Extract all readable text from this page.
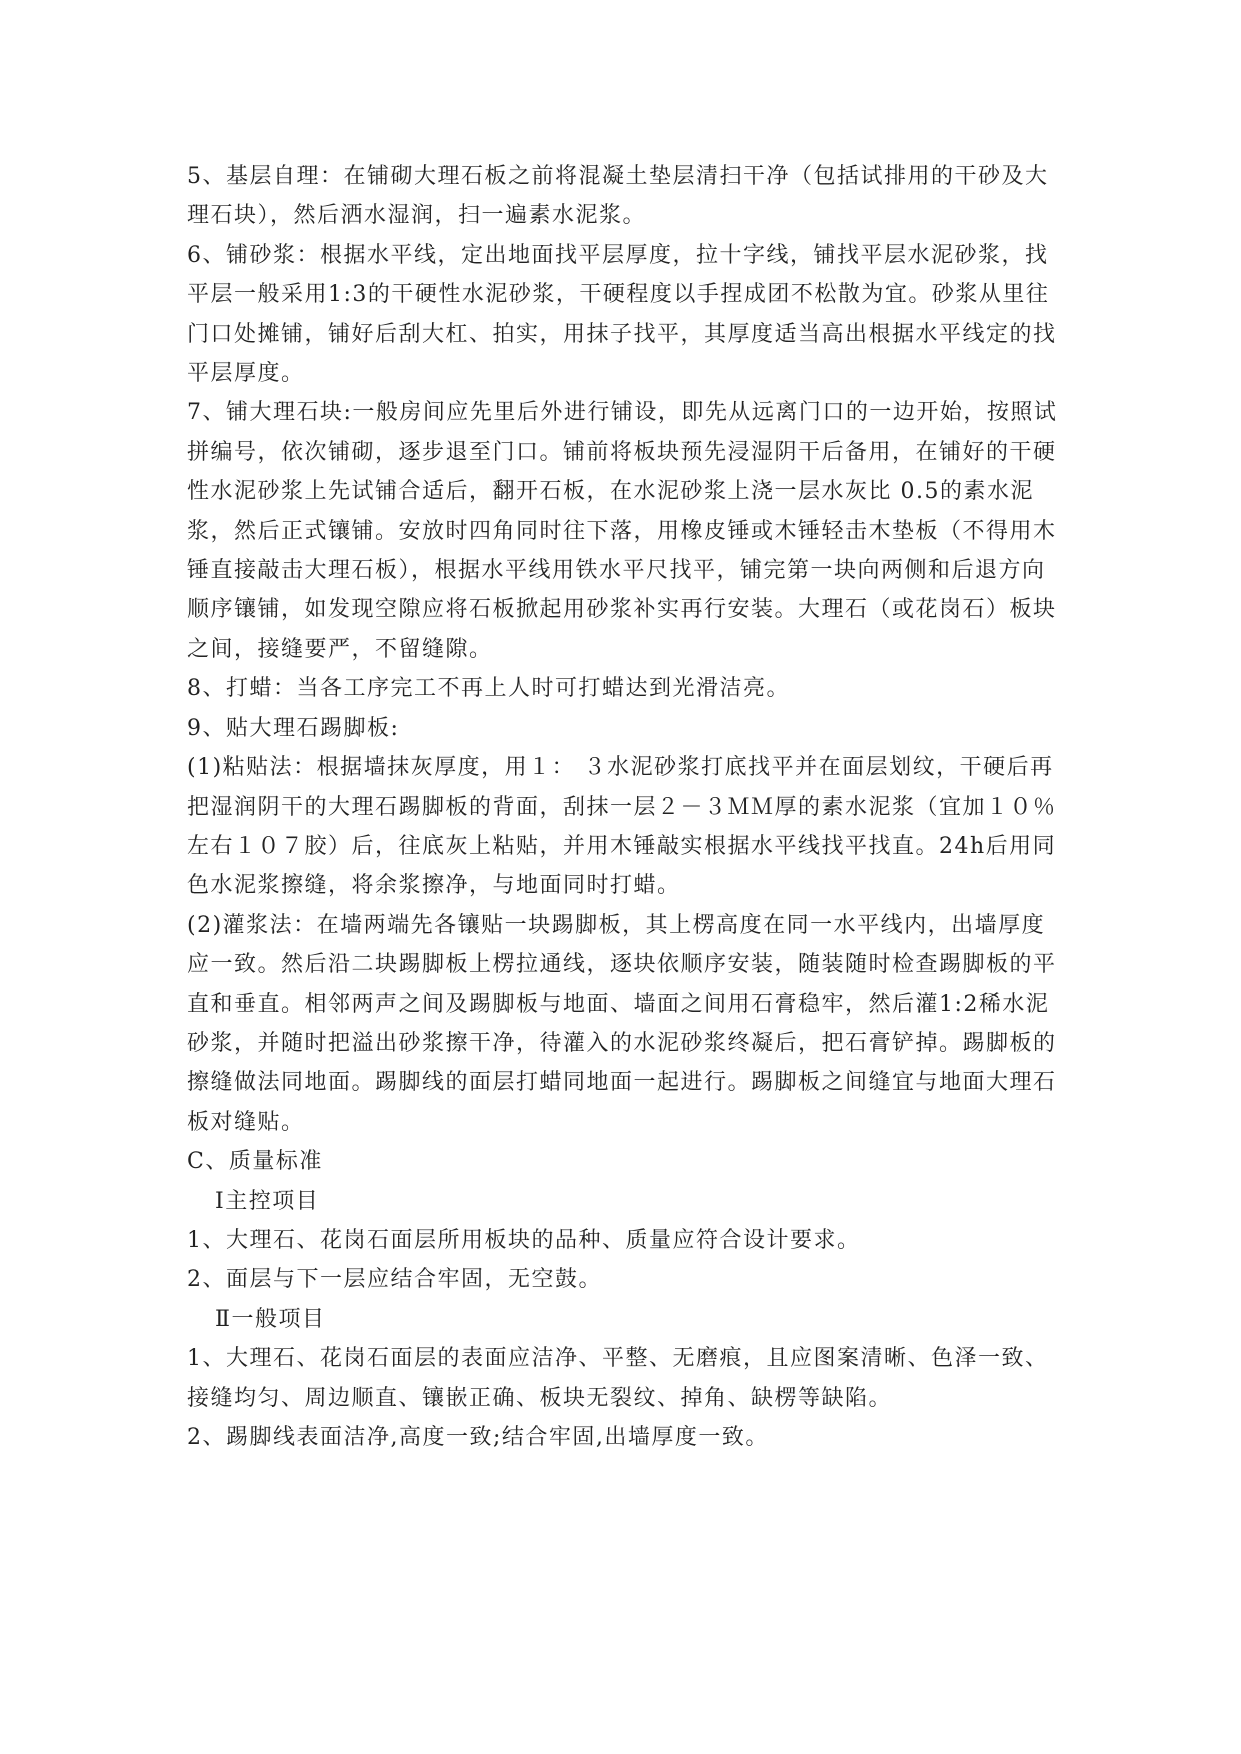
5、基层自理：在铺砌大理石板之前将混凝土垫层清扫干净（包括试排用的干砂及大理石块），然后洒水湿润，扫一遍素水泥浆。

6、铺砂浆：根据水平线，定出地面找平层厚度，拉十字线，铺找平层水泥砂浆，找平层一般采用1:3的干硬性水泥砂浆，干硬程度以手捏成团不松散为宜。砂浆从里往门口处摊铺，铺好后刮大杠、拍实，用抹子找平，其厚度适当高出根据水平线定的找平层厚度。

7、铺大理石块:一般房间应先里后外进行铺设，即先从远离门口的一边开始，按照试拼编号，依次铺砌，逐步退至门口。铺前将板块预先浸湿阴干后备用，在铺好的干硬性水泥砂浆上先试铺合适后，翻开石板，在水泥砂浆上浇一层水灰比 0.5的素水泥浆，然后正式镶铺。安放时四角同时往下落，用橡皮锤或木锤轻击木垫板（不得用木锤直接敲击大理石板），根据水平线用铁水平尺找平，铺完第一块向两侧和后退方向顺序镶铺，如发现空隙应将石板掀起用砂浆补实再行安装。大理石（或花岗石）板块之间，接缝要严，不留缝隙。

8、打蜡：当各工序完工不再上人时可打蜡达到光滑洁亮。

9、贴大理石踢脚板:

(1)粘贴法：根据墙抹灰厚度，用１： ３水泥砂浆打底找平并在面层划纹，干硬后再把湿润阴干的大理石踢脚板的背面，刮抹一层２－３ＭＭ厚的素水泥浆（宜加１０％左右１０７胶）后，往底灰上粘贴，并用木锤敲实根据水平线找平找直。24h后用同色水泥浆擦缝，将余浆擦净，与地面同时打蜡。

(2)灌浆法：在墙两端先各镶贴一块踢脚板，其上楞高度在同一水平线内，出墙厚度应一致。然后沿二块踢脚板上楞拉通线，逐块依顺序安装，随装随时检查踢脚板的平直和垂直。相邻两声之间及踢脚板与地面、墙面之间用石膏稳牢，然后灌1:2稀水泥砂浆，并随时把溢出砂浆擦干净，待灌入的水泥砂浆终凝后，把石膏铲掉。踢脚板的擦缝做法同地面。踢脚线的面层打蜡同地面一起进行。踢脚板之间缝宜与地面大理石板对缝贴。

C、质量标准

Ⅰ主控项目

1、大理石、花岗石面层所用板块的品种、质量应符合设计要求。

2、面层与下一层应结合牢固，无空鼓。

Ⅱ一般项目

1、大理石、花岗石面层的表面应洁净、平整、无磨痕，且应图案清晰、色泽一致、接缝均匀、周边顺直、镶嵌正确、板块无裂纹、掉角、缺楞等缺陷。

2、踢脚线表面洁净,高度一致;结合牢固,出墙厚度一致。
